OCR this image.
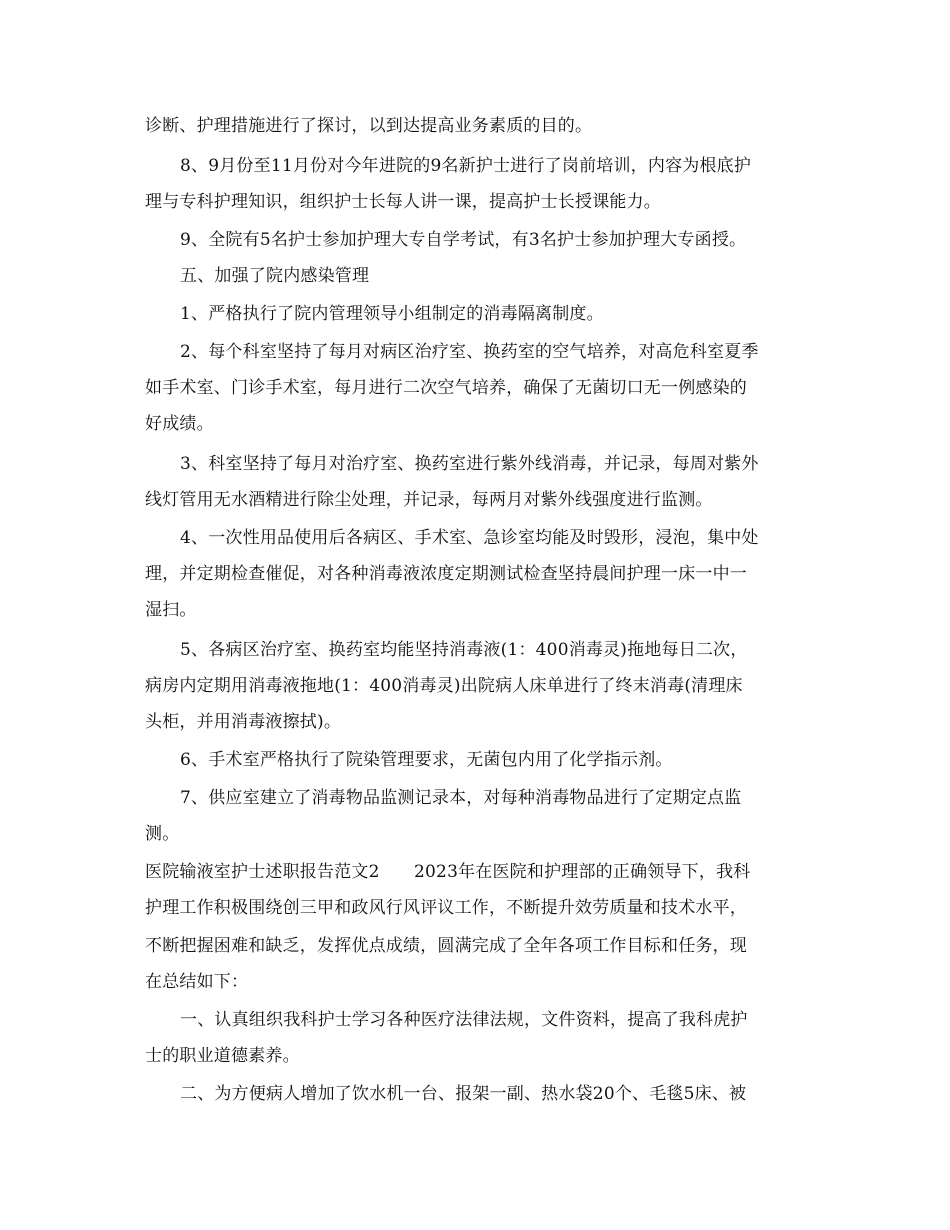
诊断、护理措施进行了探讨，以到达提高业务素质的目的。
8、9月份至11月份对今年进院的9名新护士进行了岗前培训，内容为根底护
理与专科护理知识，组织护士长每人讲一课，提高护士长授课能力。
9、全院有5名护士参加护理大专自学考试，有3名护士参加护理大专函授。
五、加强了院内感染管理
1、严格执行了院内管理领导小组制定的消毒隔离制度。
2、每个科室坚持了每月对病区治疗室、换药室的空气培养，对高危科室夏季
如手术室、门诊手术室，每月进行二次空气培养，确保了无菌切口无一例感染的
好成绩。
3、科室坚持了每月对治疗室、换药室进行紫外线消毒，并记录，每周对紫外
线灯管用无水酒精进行除尘处理，并记录，每两月对紫外线强度进行监测。
4、一次性用品使用后各病区、手术室、急诊室均能及时毁形，浸泡，集中处
理，并定期检查催促，对各种消毒液浓度定期测试检查坚持晨间护理一床一中一
湿扫。
5、各病区治疗室、换药室均能坚持消毒液(1：400消毒灵)拖地每日二次，
病房内定期用消毒液拖地(1：400消毒灵)出院病人床单进行了终末消毒(清理床
头柜，并用消毒液擦拭)。
6、手术室严格执行了院染管理要求，无菌包内用了化学指示剂。
7、供应室建立了消毒物品监测记录本，对每种消毒物品进行了定期定点监
测。
医院输液室护士述职报告范文2　　2023年在医院和护理部的正确领导下，我科
护理工作积极围绕创三甲和政风行风评议工作，不断提升效劳质量和技术水平，
不断把握困难和缺乏，发挥优点成绩，圆满完成了全年各项工作目标和任务，现
在总结如下：
一、认真组织我科护士学习各种医疗法律法规，文件资料，提高了我科虎护
士的职业道德素养。
二、为方便病人增加了饮水机一台、报架一副、热水袋20个、毛毯5床、被
